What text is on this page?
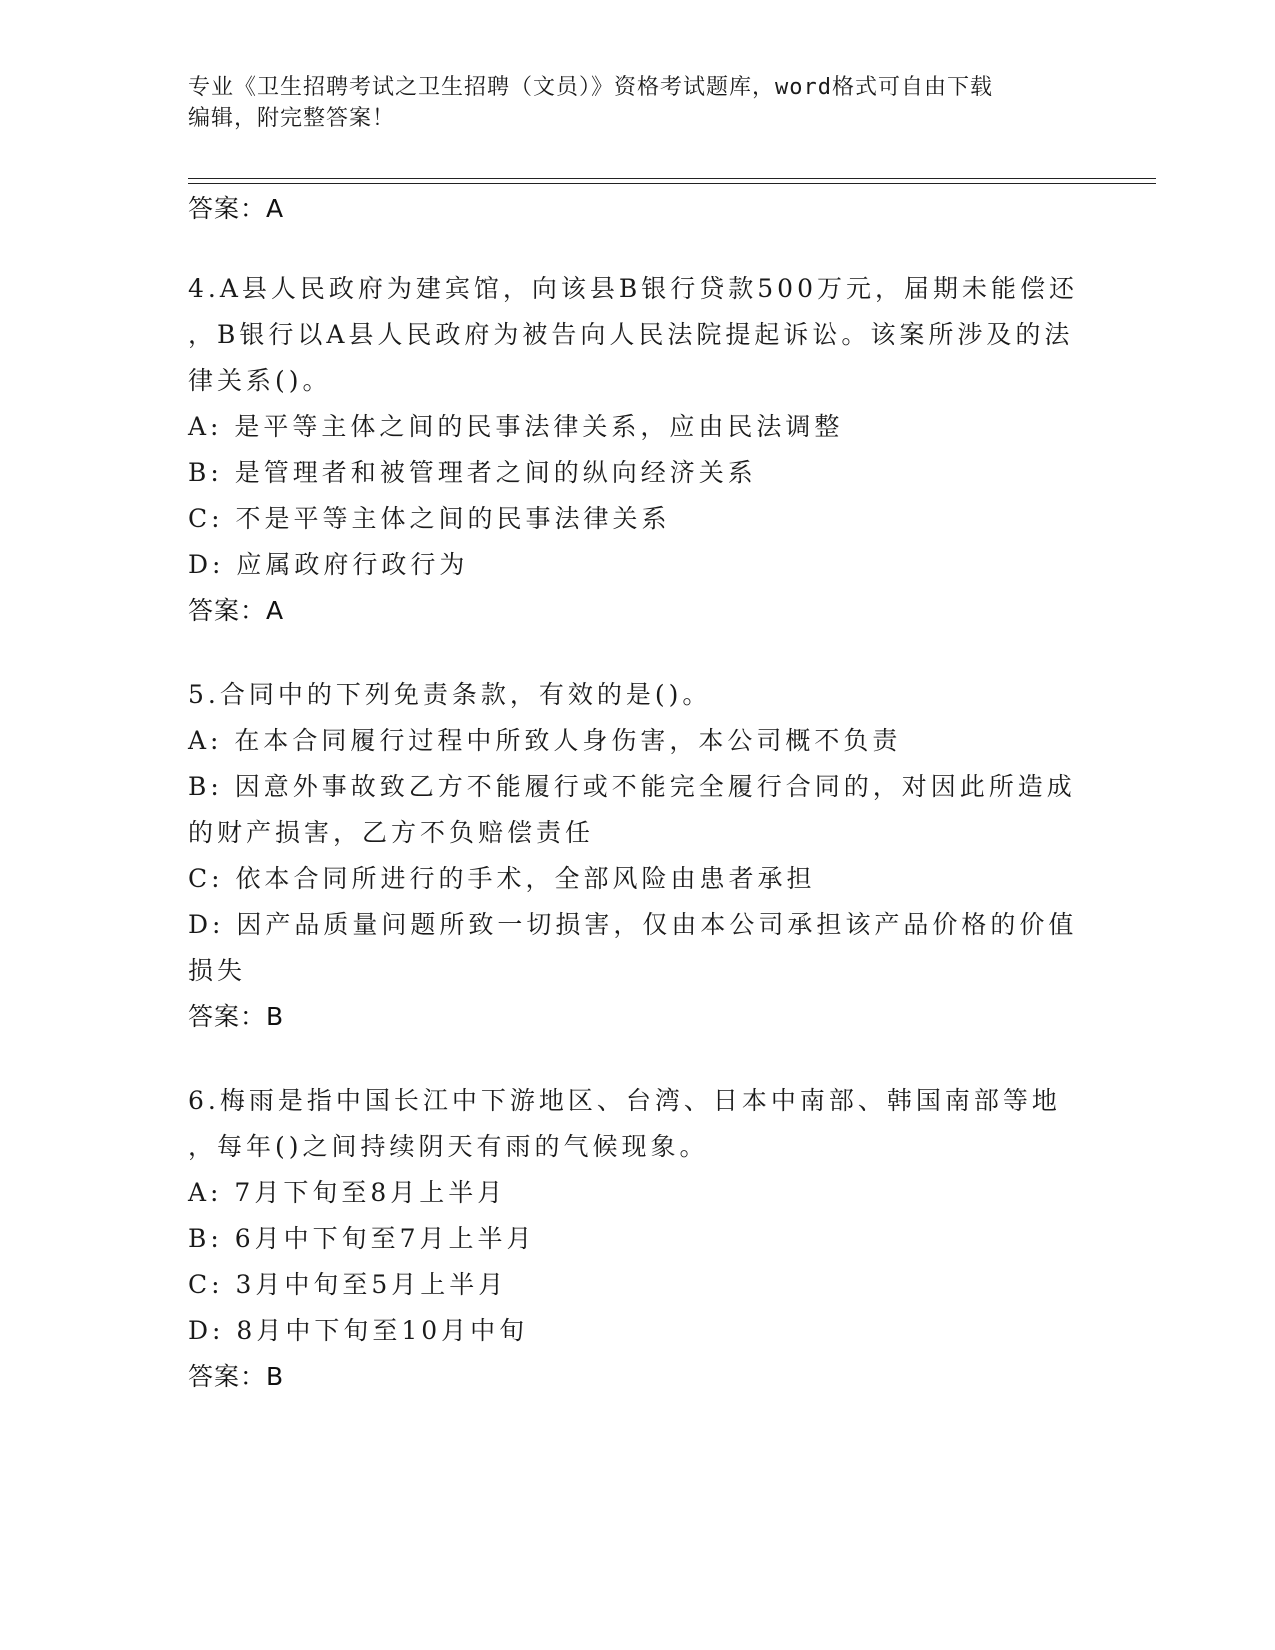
专业《卫生招聘考试之卫生招聘（文员）》资格考试题库，word格式可自由下载
编辑，附完整答案！
答案：A
4.A县人民政府为建宾馆，向该县B银行贷款500万元，届期未能偿还
，B银行以A县人民政府为被告向人民法院提起诉讼。该案所涉及的法
律关系()。
A: 是平等主体之间的民事法律关系，应由民法调整
B: 是管理者和被管理者之间的纵向经济关系
C: 不是平等主体之间的民事法律关系
D: 应属政府行政行为
答案：A
5.合同中的下列免责条款，有效的是()。
A: 在本合同履行过程中所致人身伤害，本公司概不负责
B: 因意外事故致乙方不能履行或不能完全履行合同的，对因此所造成
的财产损害，乙方不负赔偿责任
C: 依本合同所进行的手术，全部风险由患者承担
D: 因产品质量问题所致一切损害，仅由本公司承担该产品价格的价值
损失
答案：B
6.梅雨是指中国长江中下游地区、台湾、日本中南部、韩国南部等地
，每年()之间持续阴天有雨的气候现象。
A: 7月下旬至8月上半月
B: 6月中下旬至7月上半月
C: 3月中旬至5月上半月
D: 8月中下旬至10月中旬
答案：B
